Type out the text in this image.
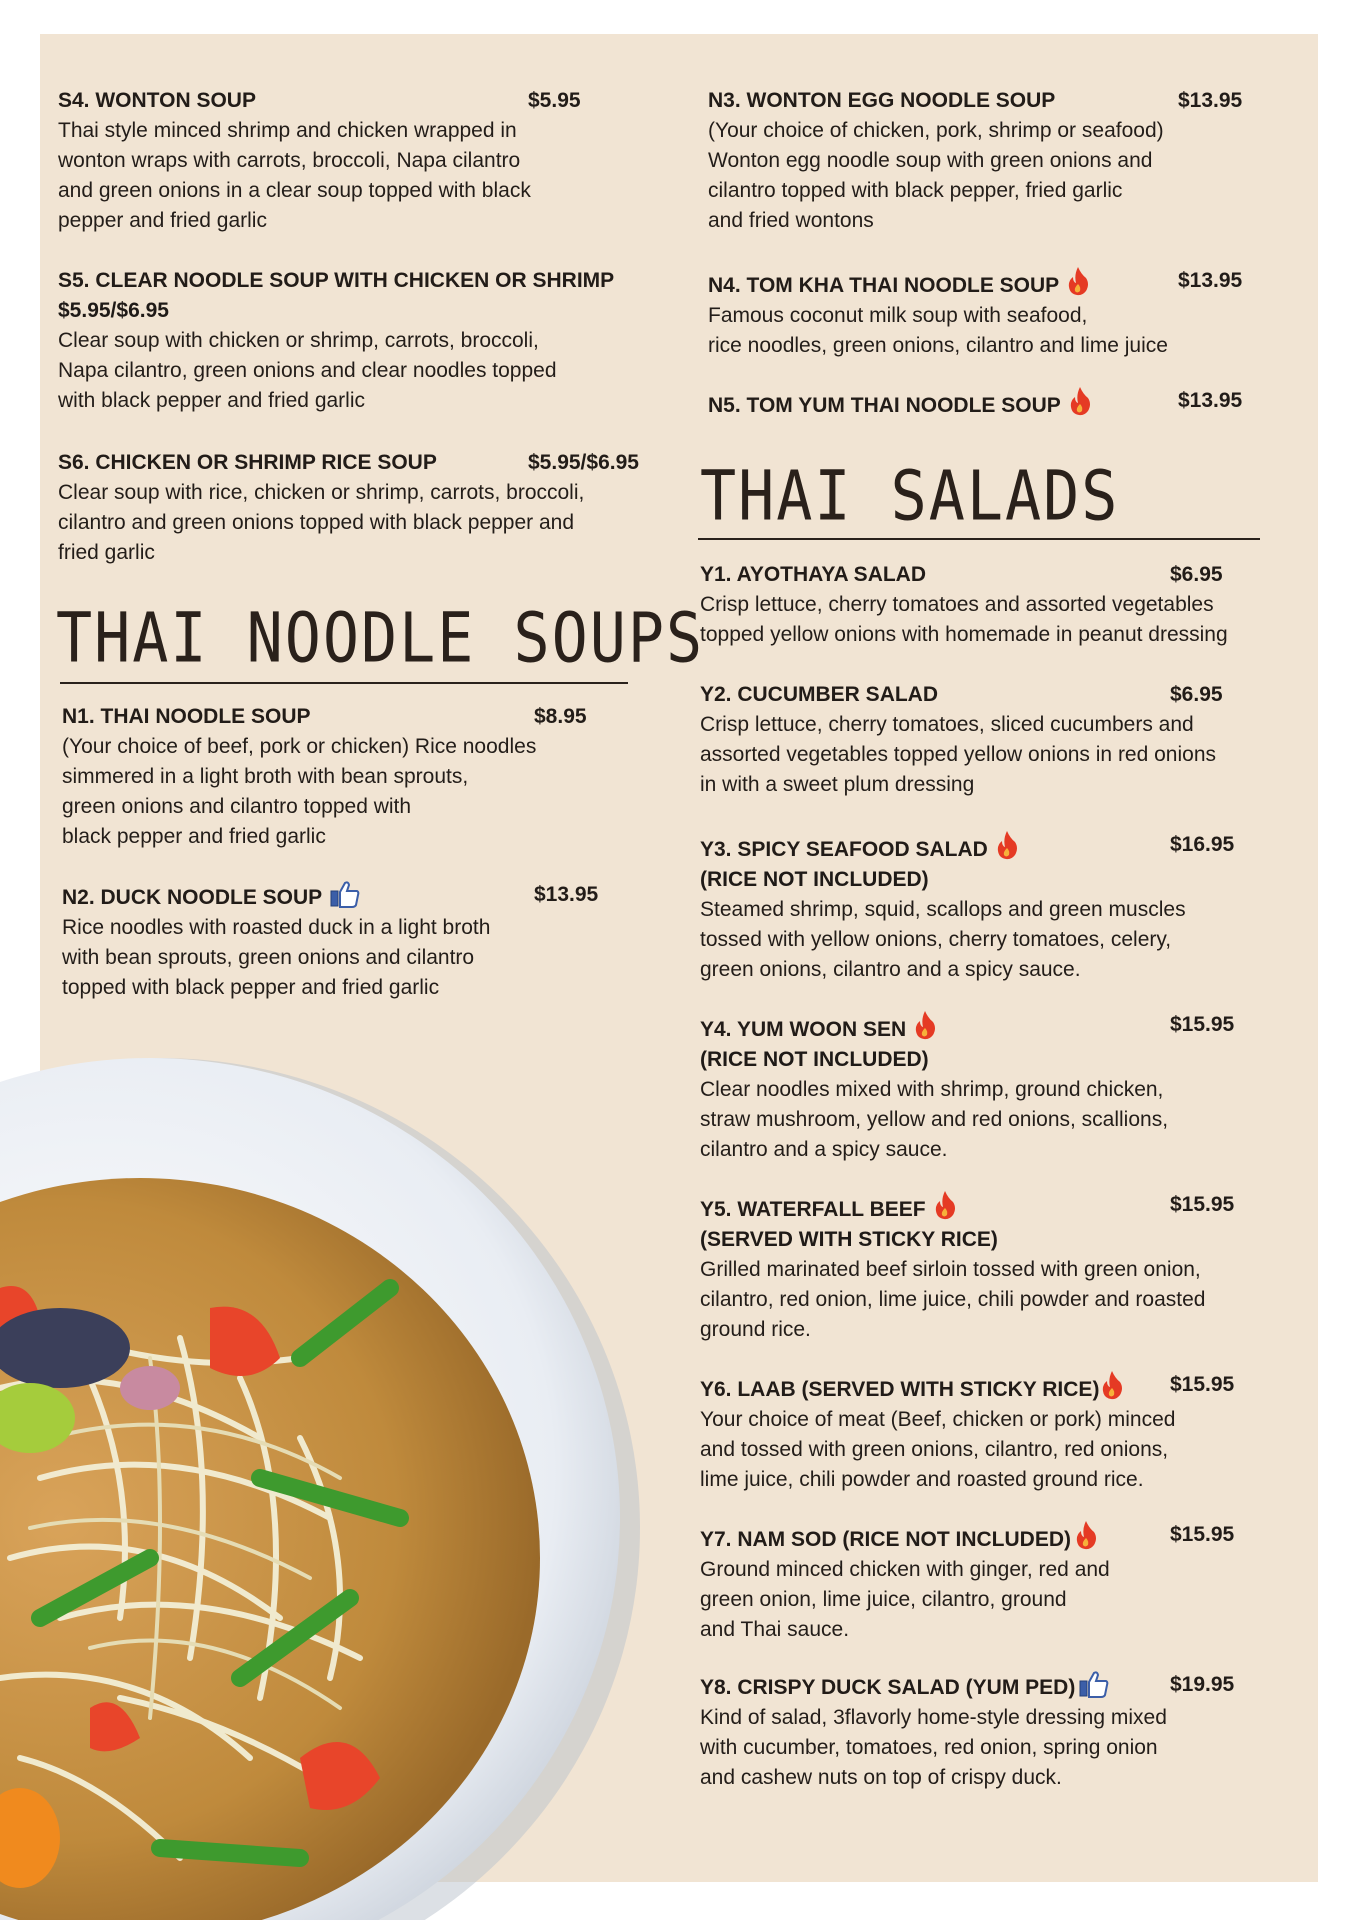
S4. WONTON SOUP	$5.95
Thai style minced shrimp and chicken wrapped in
wonton wraps with carrots, broccoli, Napa cilantro
and green onions in a clear soup topped with black
pepper and fried garlic
S5. CLEAR NOODLE SOUP WITH CHICKEN OR SHRIMP
$5.95/$6.95
Clear soup with chicken or shrimp, carrots, broccoli,
Napa cilantro, green onions and clear noodles topped
with black pepper and fried garlic
S6. CHICKEN OR SHRIMP RICE SOUP	$5.95/$6.95
Clear soup with rice, chicken or shrimp, carrots, broccoli,
cilantro and green onions topped with black pepper and
fried garlic
THAI NOODLE SOUPS
N1. THAI NOODLE SOUP	$8.95
(Your choice of beef, pork or chicken) Rice noodles
simmered in a light broth with bean sprouts,
green onions and cilantro topped with
black pepper and fried garlic
N2. DUCK NOODLE SOUP	$13.95
Rice noodles with roasted duck in a light broth
with bean sprouts, green onions and cilantro
topped with black pepper and fried garlic
N3. WONTON EGG NOODLE SOUP	$13.95
(Your choice of chicken, pork, shrimp or seafood)
Wonton egg noodle soup with green onions and
cilantro topped with black pepper, fried garlic
and fried wontons
N4. TOM KHA THAI NOODLE SOUP	$13.95
Famous coconut milk soup with seafood,
rice noodles, green onions, cilantro and lime juice
N5. TOM YUM THAI NOODLE SOUP	$13.95
THAI SALADS
Y1. AYOTHAYA SALAD	$6.95
Crisp lettuce, cherry tomatoes and assorted vegetables
topped yellow onions with homemade in peanut dressing
Y2. CUCUMBER SALAD	$6.95
Crisp lettuce, cherry tomatoes, sliced cucumbers and
assorted vegetables topped yellow onions in red onions
in with a sweet plum dressing
Y3. SPICY SEAFOOD SALAD	$16.95
(RICE NOT INCLUDED)
Steamed shrimp, squid, scallops and green muscles
tossed with yellow onions, cherry tomatoes, celery,
green onions, cilantro and a spicy sauce.
Y4. YUM WOON SEN	$15.95
(RICE NOT INCLUDED)
Clear noodles mixed with shrimp, ground chicken,
straw mushroom, yellow and red onions, scallions,
cilantro and a spicy sauce.
Y5. WATERFALL BEEF	$15.95
(SERVED WITH STICKY RICE)
Grilled marinated beef sirloin tossed with green onion,
cilantro, red onion, lime juice, chili powder and roasted
ground rice.
Y6. LAAB (SERVED WITH STICKY RICE)	$15.95
Your choice of meat (Beef, chicken or pork) minced
and tossed with green onions, cilantro, red onions,
lime juice, chili powder and roasted ground rice.
Y7. NAM SOD (RICE NOT INCLUDED)	$15.95
Ground minced chicken with ginger, red and
green onion, lime juice, cilantro, ground
and Thai sauce.
Y8. CRISPY DUCK SALAD (YUM PED)	$19.95
Kind of salad, 3flavorly home-style dressing mixed
with cucumber, tomatoes, red onion, spring onion
and cashew nuts on top of crispy duck.
